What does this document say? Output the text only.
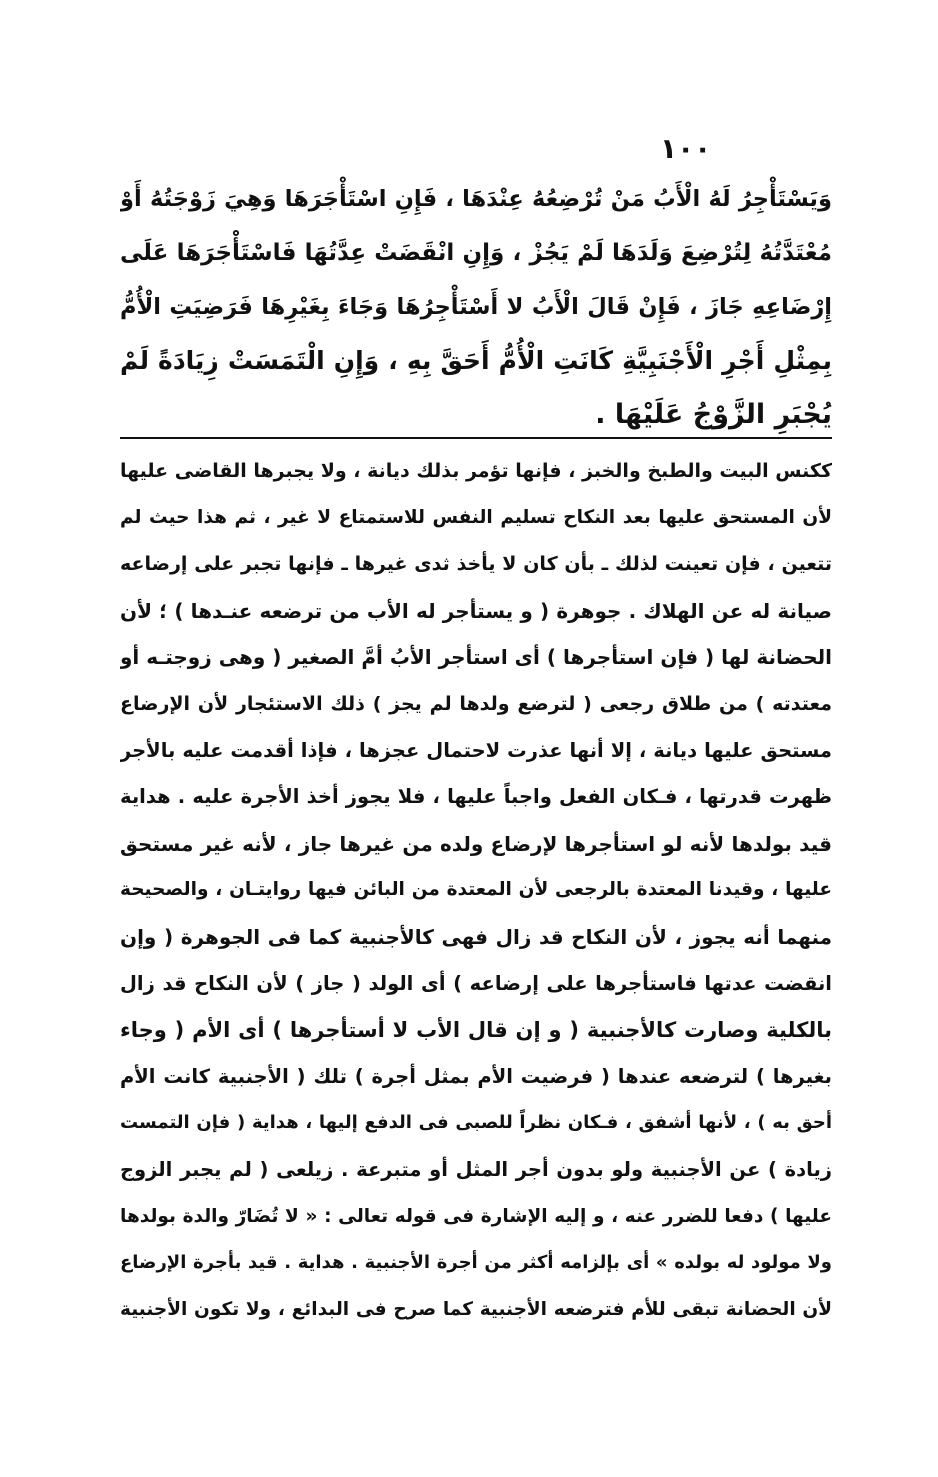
١٠٠
وَيَسْتَأْجِرُ لَهُ الْأَبُ مَنْ تُرْضِعُهُ عِنْدَهَا ، فَإِنِ اسْتَأْجَرَهَا وَهِيَ زَوْجَتُهُ أَوْ
مُعْتَدَّتُهُ لِتُرْضِعَ وَلَدَهَا لَمْ يَجُزْ ، وَإِنِ انْقَضَتْ عِدَّتُهَا فَاسْتَأْجَرَهَا عَلَى
إِرْضَاعِهِ جَازَ ، فَإِنْ قَالَ الْأَبُ لا أَسْتَأْجِرُهَا وَجَاءَ بِغَيْرِهَا فَرَضِيَتِ الْأُمُّ
بِمِثْلِ أَجْرِ الْأَجْنَبِيَّةِ كَانَتِ الْأُمُّ أَحَقَّ بِهِ ، وَإِنِ الْتَمَسَتْ زِيَادَةً لَمْ
يُجْبَرِ الزَّوْجُ عَلَيْهَا .
ككنس البيت والطبخ والخبز ، فإنها تؤمر بذلك ديانة ، ولا يجبرها القاضى عليها
لأن المستحق عليها بعد النكاح تسليم النفس للاستمتاع لا غير ، ثم هذا حيث لم
تتعين ، فإن تعينت لذلك ـ بأن كان لا يأخذ ثدى غيرها ـ فإنها تجبر على إرضاعه
صيانة له عن الهلاك . جوهرة ( و يستأجر له الأب من ترضعه عنـدها ) ؛ لأن
الحضانة لها ( فإن استأجرها ) أى استأجر الأبُ أمَّ الصغير ( وهى زوجتـه أو
معتدته ) من طلاق رجعى ( لترضع ولدها لم يجز ) ذلك الاستئجار لأن الإرضاع
مستحق عليها ديانة ، إلا أنها عذرت لاحتمال عجزها ، فإذا أقدمت عليه بالأجر
ظهرت قدرتها ، فـكان الفعل واجباً عليها ، فلا يجوز أخذ الأجرة عليه . هداية
قيد بولدها لأنه لو استأجرها لإرضاع ولده من غيرها جاز ، لأنه غير مستحق
عليها ، وقيدنا المعتدة بالرجعى لأن المعتدة من البائن فيها روايتـان ، والصحيحة
منهما أنه يجوز ، لأن النكاح قد زال فهى كالأجنبية كما فى الجوهرة ( وإن
انقضت عدتها فاستأجرها على إرضاعه ) أى الولد ( جاز ) لأن النكاح قد زال
بالكلية وصارت كالأجنبية ( و إن قال الأب لا أستأجرها ) أى الأم ( وجاء
بغيرها ) لترضعه عندها ( فرضيت الأم بمثل أجرة ) تلك ( الأجنبية كانت الأم
أحق به ) ، لأنها أشفق ، فـكان نظراً للصبى فى الدفع إليها ، هداية ( فإن التمست
زيادة ) عن الأجنبية ولو بدون أجر المثل أو متبرعة . زيلعى ( لم يجبر الزوج
عليها ) دفعا للضرر عنه ، و إليه الإشارة فى قوله تعالى : « لا تُضَارّ والدة بولدها
ولا مولود له بولده » أى بإلزامه أكثر من أجرة الأجنبية . هداية . قيد بأجرة الإرضاع
لأن الحضانة تبقى للأم فترضعه الأجنبية كما صرح فى البدائع ، ولا تكون الأجنبية
